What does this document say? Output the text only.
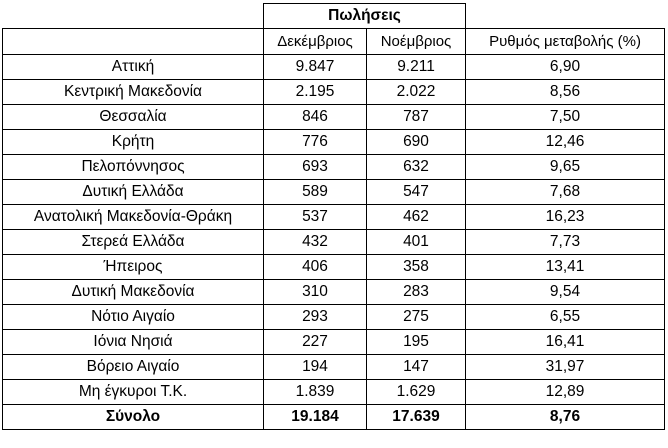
	Πωλήσεις		
	Δεκέμβριος	Νοέμβριος	Ρυθμός μεταβολής (%)
Αττική	9.847	9.211	6,90
Κεντρική Μακεδονία	2.195	2.022	8,56
Θεσσαλία	846	787	7,50
Κρήτη	776	690	12,46
Πελοπόννησος	693	632	9,65
Δυτική Ελλάδα	589	547	7,68
Ανατολική Μακεδονία-Θράκη	537	462	16,23
Στερεά Ελλάδα	432	401	7,73
Ήπειρος	406	358	13,41
Δυτική Μακεδονία	310	283	9,54
Νότιο Αιγαίο	293	275	6,55
Ιόνια Νησιά	227	195	16,41
Βόρειο Αιγαίο	194	147	31,97
Μη έγκυροι Τ.Κ.	1.839	1.629	12,89
Σύνολο	19.184	17.639	8,76
